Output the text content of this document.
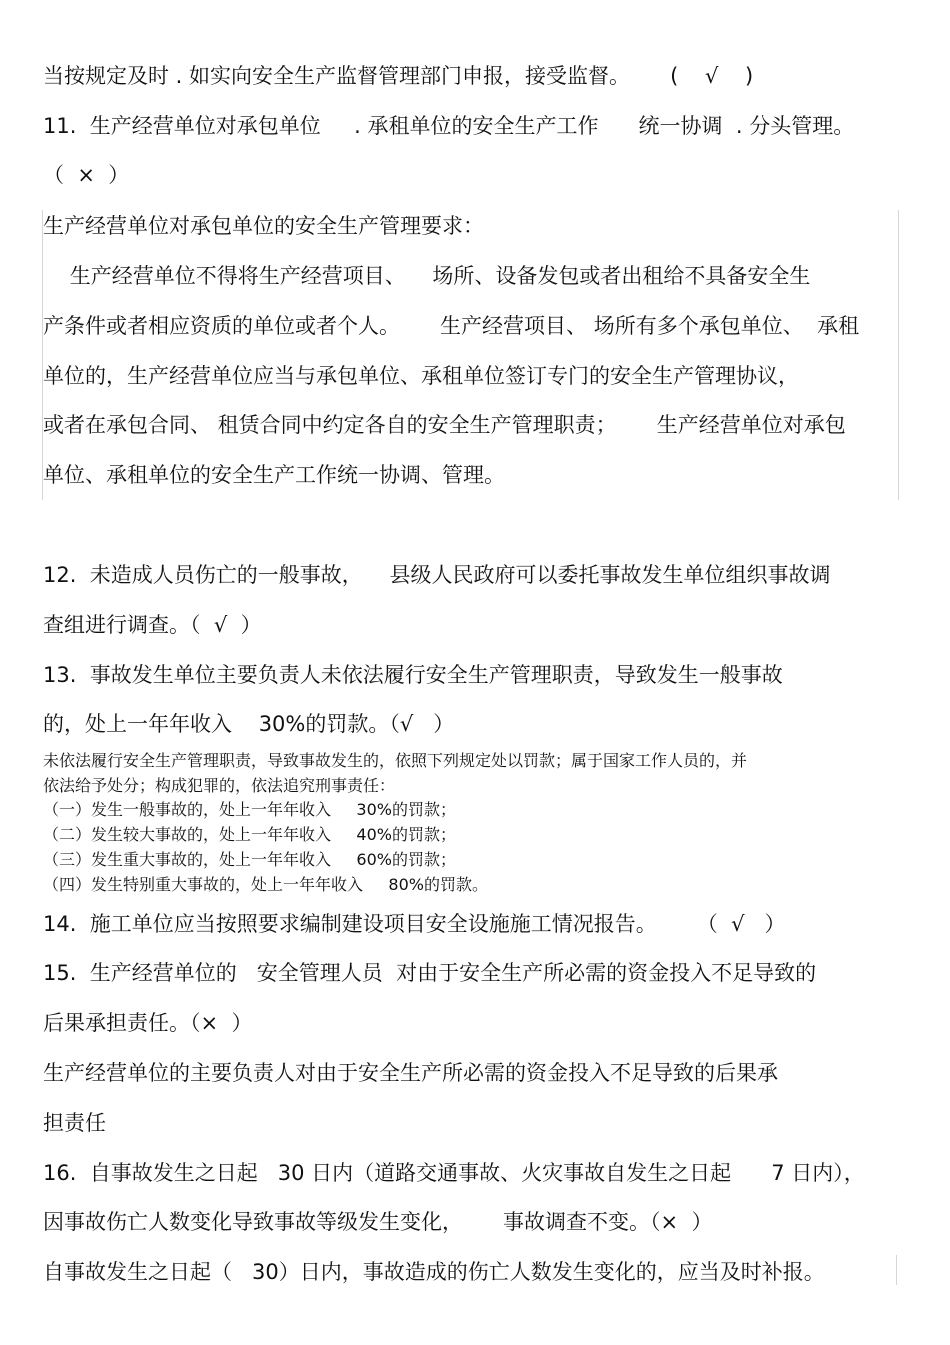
当按规定及时 . 如实向安全生产监督管理部门申报，接受监督。      (    √    )

11.  生产经营单位对承包单位     . 承租单位的安全生产工作      统一协调  . 分头管理。

（  ×  ）

生产经营单位对承包单位的安全生产管理要求：

生产经营单位不得将生产经营项目、    场所、设备发包或者出租给不具备安全生

产条件或者相应资质的单位或者个人。      生产经营项目、 场所有多个承包单位、  承租

单位的，生产经营单位应当与承包单位、承租单位签订专门的安全生产管理协议，

或者在承包合同、 租赁合同中约定各自的安全生产管理职责；      生产经营单位对承包

单位、承租单位的安全生产工作统一协调、管理。

12.  未造成人员伤亡的一般事故，    县级人民政府可以委托事故发生单位组织事故调

查组进行调查。（  √  ）

13.  事故发生单位主要负责人未依法履行安全生产管理职责，导致发生一般事故

的，处上一年年收入    30%的罚款。（√   ）

未依法履行安全生产管理职责，导致事故发生的，依照下列规定处以罚款；属于国家工作人员的，并

依法给予处分；构成犯罪的，依法追究刑事责任：

（一）发生一般事故的，处上一年年收入     30%的罚款；

（二）发生较大事故的，处上一年年收入     40%的罚款；

（三）发生重大事故的，处上一年年收入     60%的罚款；

（四）发生特别重大事故的，处上一年年收入     80%的罚款。

14.  施工单位应当按照要求编制建设项目安全设施施工情况报告。      （  √   ）

15.  生产经营单位的   安全管理人员  对由于安全生产所必需的资金投入不足导致的

后果承担责任。（×  ）

生产经营单位的主要负责人对由于安全生产所必需的资金投入不足导致的后果承

担责任

16.  自事故发生之日起   30 日内（道路交通事故、火灾事故自发生之日起      7 日内），

因事故伤亡人数变化导致事故等级发生变化，      事故调查不变。（×  ）

自事故发生之日起（   30）日内，事故造成的伤亡人数发生变化的，应当及时补报。
